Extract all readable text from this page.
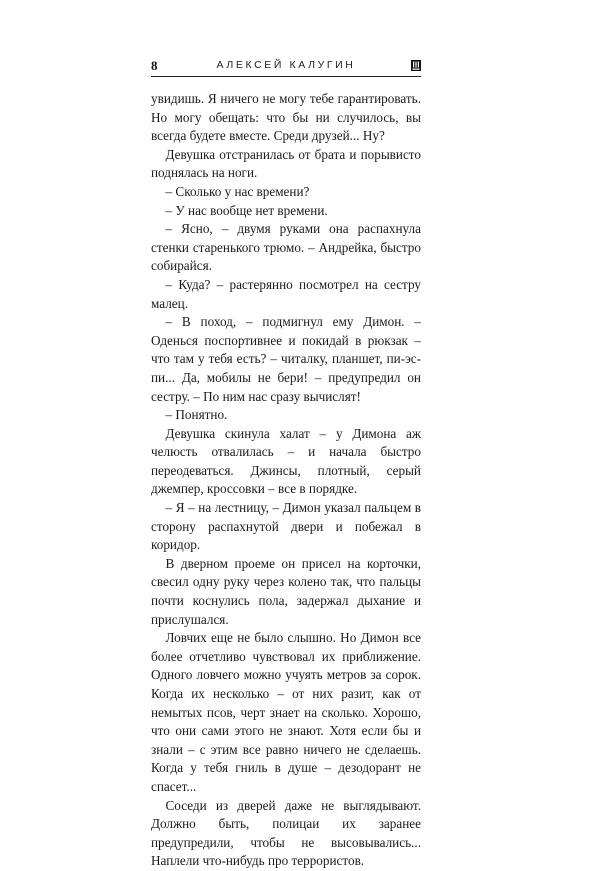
8	АЛЕКСЕЙ КАЛУГИН

увидишь. Я ничего не могу тебе гарантировать. Но могу обещать: что бы ни случилось, вы всегда будете вместе. Среди друзей... Ну?

Девушка отстранилась от брата и порывисто поднялась на ноги.

– Сколько у нас времени?

– У нас вообще нет времени.

– Ясно, – двумя руками она распахнула стенки старенького трюмо. – Андрейка, быстро собирайся.

– Куда? – растерянно посмотрел на сестру малец.

– В поход, – подмигнул ему Димон. – Оденься поспортивнее и покидай в рюкзак – что там у тебя есть? – читалку, планшет, пи-эс-пи... Да, мобилы не бери! – предупредил он сестру. – По ним нас сразу вычислят!

– Понятно.

Девушка скинула халат – у Димона аж челюсть отвалилась – и начала быстро переодеваться. Джинсы, плотный, серый джемпер, кроссовки – все в порядке.

– Я – на лестницу, – Димон указал пальцем в сторону распахнутой двери и побежал в коридор.

В дверном проеме он присел на корточки, свесил одну руку через колено так, что пальцы почти коснулись пола, задержал дыхание и прислушался.

Ловчих еще не было слышно. Но Димон все более отчетливо чувствовал их приближение. Одного ловчего можно учуять метров за сорок. Когда их несколько – от них разит, как от немытых псов, черт знает на сколько. Хорошо, что они сами этого не знают. Хотя если бы и знали – с этим все равно ничего не сделаешь. Когда у тебя гниль в душе – дезодорант не спасет...

Соседи из дверей даже не выглядывают. Должно быть, полицаи их заранее предупредили, чтобы не высовывались... Наплели что-нибудь про террористов.
